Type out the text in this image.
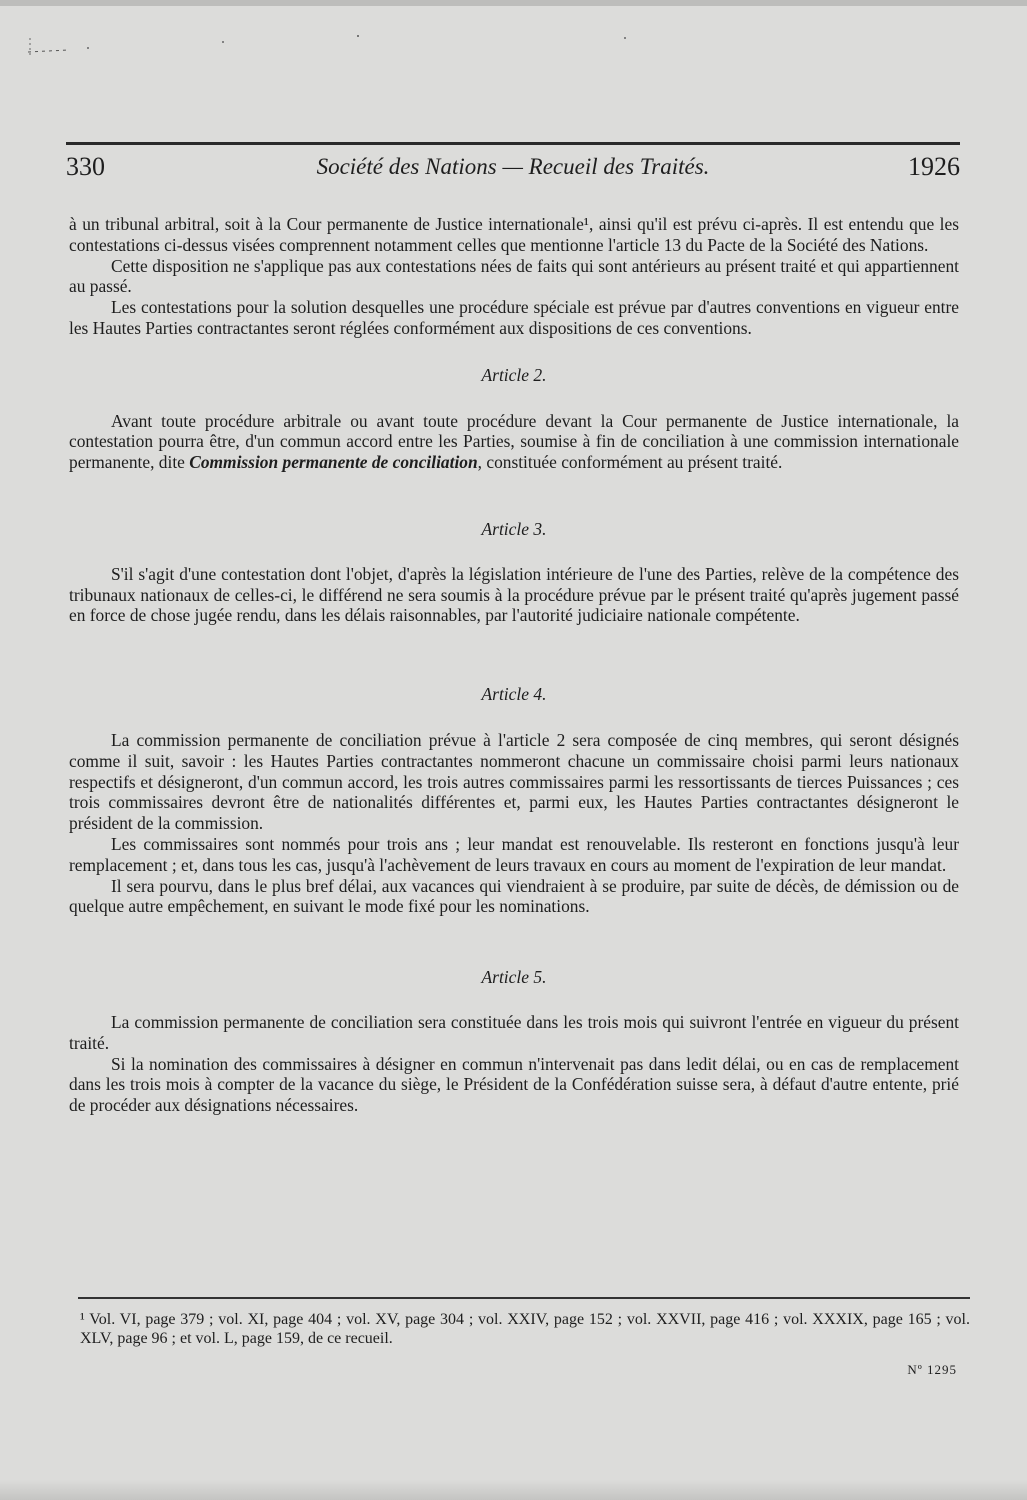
330	Société des Nations — Recueil des Traités.	1926

à un tribunal arbitral, soit à la Cour permanente de Justice internationale¹, ainsi qu'il est prévu ci-après. Il est entendu que les contestations ci-dessus visées comprennent notamment celles que mentionne l'article 13 du Pacte de la Société des Nations.

Cette disposition ne s'applique pas aux contestations nées de faits qui sont antérieurs au présent traité et qui appartiennent au passé.

Les contestations pour la solution desquelles une procédure spéciale est prévue par d'autres conventions en vigueur entre les Hautes Parties contractantes seront réglées conformément aux dispositions de ces conventions.

Article 2.

Avant toute procédure arbitrale ou avant toute procédure devant la Cour permanente de Justice internationale, la contestation pourra être, d'un commun accord entre les Parties, soumise à fin de conciliation à une commission internationale permanente, dite Commission permanente de conciliation, constituée conformément au présent traité.

Article 3.

S'il s'agit d'une contestation dont l'objet, d'après la législation intérieure de l'une des Parties, relève de la compétence des tribunaux nationaux de celles-ci, le différend ne sera soumis à la procédure prévue par le présent traité qu'après jugement passé en force de chose jugée rendu, dans les délais raisonnables, par l'autorité judiciaire nationale compétente.

Article 4.

La commission permanente de conciliation prévue à l'article 2 sera composée de cinq membres, qui seront désignés comme il suit, savoir : les Hautes Parties contractantes nommeront chacune un commissaire choisi parmi leurs nationaux respectifs et désigneront, d'un commun accord, les trois autres commissaires parmi les ressortissants de tierces Puissances ; ces trois commissaires devront être de nationalités différentes et, parmi eux, les Hautes Parties contractantes désigneront le président de la commission.

Les commissaires sont nommés pour trois ans ; leur mandat est renouvelable. Ils resteront en fonctions jusqu'à leur remplacement ; et, dans tous les cas, jusqu'à l'achèvement de leurs travaux en cours au moment de l'expiration de leur mandat.

Il sera pourvu, dans le plus bref délai, aux vacances qui viendraient à se produire, par suite de décès, de démission ou de quelque autre empêchement, en suivant le mode fixé pour les nominations.

Article 5.

La commission permanente de conciliation sera constituée dans les trois mois qui suivront l'entrée en vigueur du présent traité.

Si la nomination des commissaires à désigner en commun n'intervenait pas dans ledit délai, ou en cas de remplacement dans les trois mois à compter de la vacance du siège, le Président de la Confédération suisse sera, à défaut d'autre entente, prié de procéder aux désignations nécessaires.

¹ Vol. VI, page 379 ; vol. XI, page 404 ; vol. XV, page 304 ; vol. XXIV, page 152 ; vol. XXVII, page 416 ; vol. XXXIX, page 165 ; vol. XLV, page 96 ; et vol. L, page 159, de ce recueil.
Nº 1295
